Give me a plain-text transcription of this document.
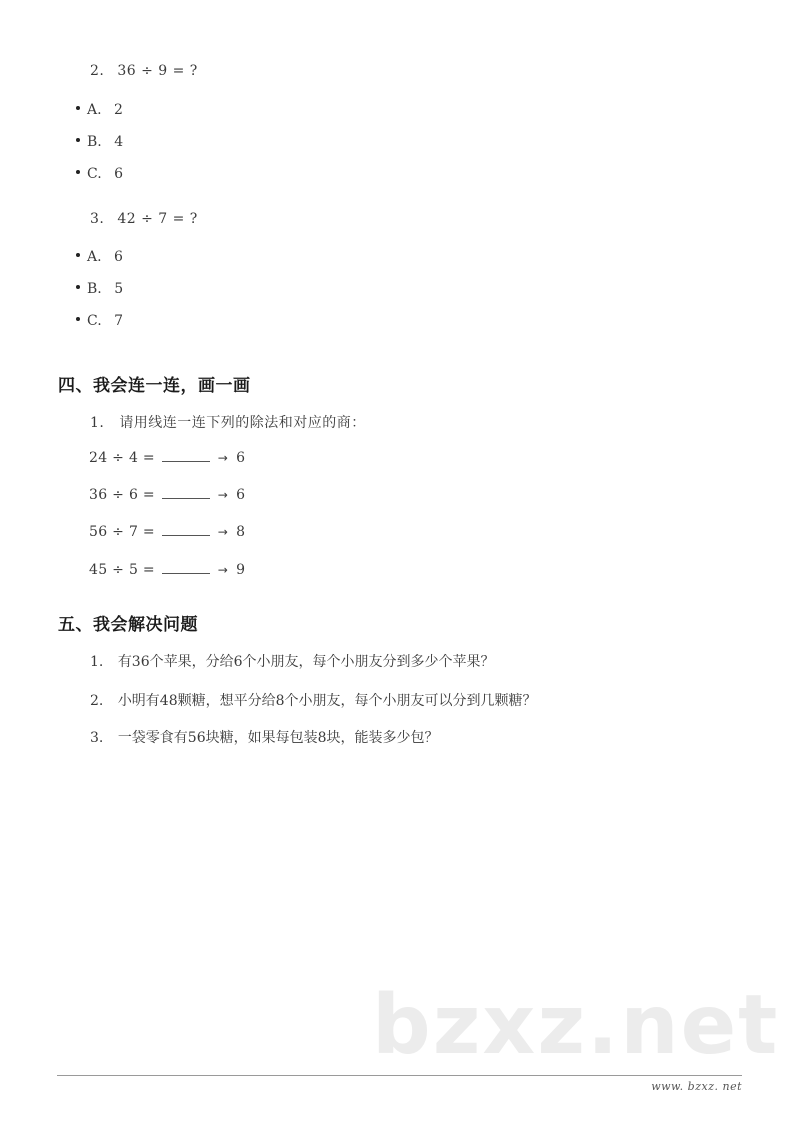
2. 36 ÷ 9 = ?
A. 2
B. 4
C. 6
3. 42 ÷ 7 = ?
A. 6
B. 5
C. 7
四、我会连一连，画一画
1. 请用线连一连下列的除法和对应的商：
24 ÷ 4 =	→ 6
36 ÷ 6 =	→ 6
56 ÷ 7 =	→ 8
45 ÷ 5 =	→ 9
五、我会解决问题
1. 有36个苹果，分给6个小朋友，每个小朋友分到多少个苹果？
2. 小明有48颗糖，想平分给8个小朋友，每个小朋友可以分到几颗糖？
3. 一袋零食有56块糖，如果每包装8块，能装多少包？
bzxz.net
www. bzxz. net
